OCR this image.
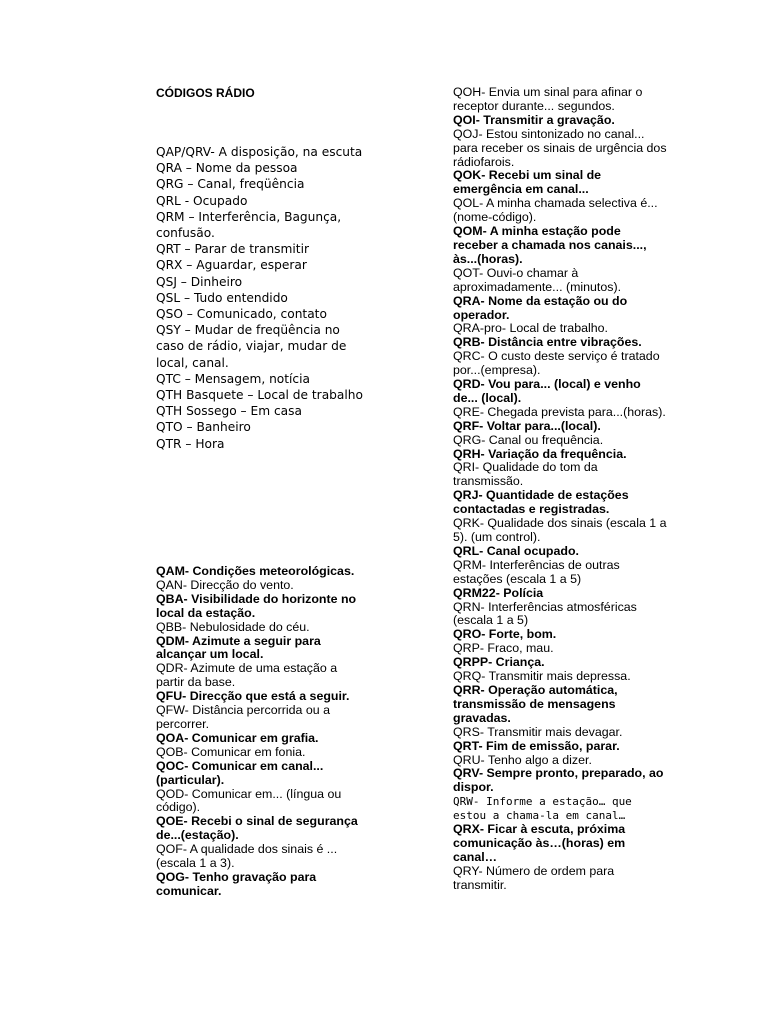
CÓDIGOS RÁDIO
QAP/QRV- A disposição, na escuta
QRA – Nome da pessoa
QRG – Canal, freqüência
QRL - Ocupado
QRM – Interferência, Bagunça, confusão.
QRT – Parar de transmitir
QRX – Aguardar, esperar
QSJ – Dinheiro
QSL – Tudo entendido
QSO – Comunicado, contato
QSY – Mudar de freqüência no caso de rádio, viajar, mudar de local, canal.
QTC – Mensagem, notícia
QTH Basquete – Local de trabalho
QTH Sossego – Em casa
QTO – Banheiro
QTR – Hora
QAM- Condições meteorológicas.
QAN- Direcção do vento.
QBA- Visibilidade do horizonte no local da estação.
QBB- Nebulosidade do céu.
QDM- Azimute a seguir para alcançar um local.
QDR- Azimute de uma estação a partir da base.
QFU- Direcção que está a seguir.
QFW- Distância percorrida ou a percorrer.
QOA- Comunicar em grafia.
QOB- Comunicar em fonia.
QOC- Comunicar em canal...(particular).
QOD- Comunicar em... (língua ou código).
QOE- Recebi o sinal de segurança de...(estação).
QOF- A qualidade dos sinais é ...(escala 1 a 3).
QOG- Tenho gravação para comunicar.
QOH- Envia um sinal para afinar o receptor durante... segundos.
QOI- Transmitir a gravação.
QOJ- Estou sintonizado no canal... para receber os sinais de urgência dos rádiofarois.
QOK- Recebi um sinal de emergência em canal...
QOL- A minha chamada selectiva é...(nome-código).
QOM- A minha estação pode receber a chamada nos canais..., às...(horas).
QOT- Ouvi-o chamar à aproximadamente... (minutos).
QRA- Nome da estação ou do operador.
QRA-pro- Local de trabalho.
QRB- Distância entre vibrações.
QRC- O custo deste serviço é tratado por...(empresa).
QRD- Vou para... (local) e venho de... (local).
QRE- Chegada prevista para...(horas).
QRF- Voltar para...(local).
QRG- Canal ou frequência.
QRH- Variação da frequência.
QRI- Qualidade do tom da transmissão.
QRJ- Quantidade de estações contactadas e registradas.
QRK- Qualidade dos sinais (escala 1 a 5). (um control).
QRL- Canal ocupado.
QRM- Interferências de outras estações (escala 1 a 5)
QRM22- Polícia
QRN- Interferências atmosféricas (escala 1 a 5)
QRO- Forte, bom.
QRP- Fraco, mau.
QRPP- Criança.
QRQ- Transmitir mais depressa.
QRR- Operação automática, transmissão de mensagens gravadas.
QRS- Transmitir mais devagar.
QRT- Fim de emissão, parar.
QRU- Tenho algo a dizer.
QRV- Sempre pronto, preparado, ao dispor.
QRW- Informe a estação… que estou a chama-la em canal…
QRX- Ficar à escuta, próxima comunicação às…(horas) em canal…
QRY- Número de ordem para transmitir.
